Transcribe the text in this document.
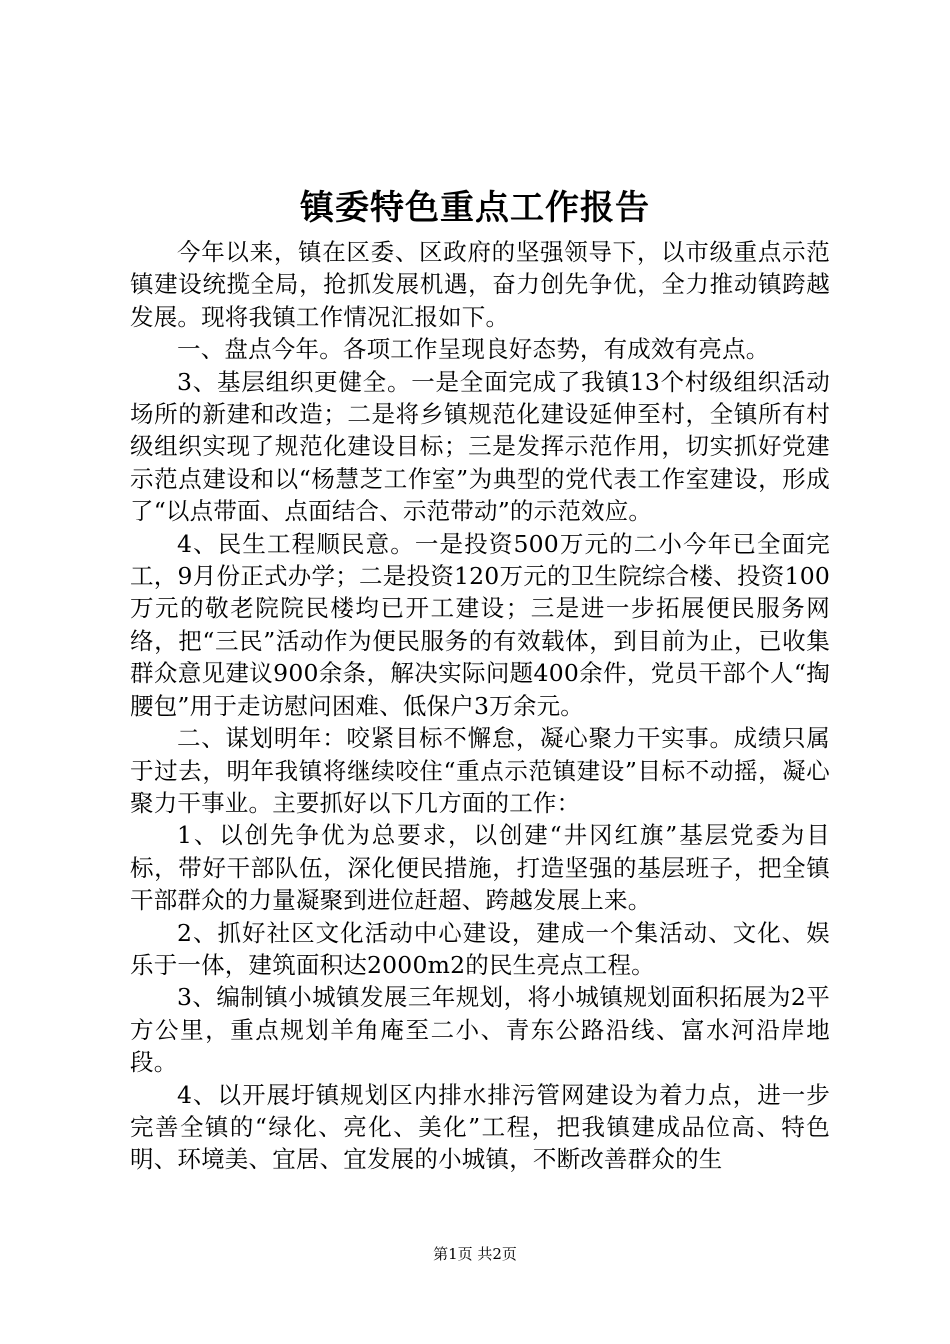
镇委特色重点工作报告

今年以来，镇在区委、区政府的坚强领导下，以市级重点示范镇建设统揽全局，抢抓发展机遇，奋力创先争优，全力推动镇跨越发展。现将我镇工作情况汇报如下。

一、盘点今年。各项工作呈现良好态势，有成效有亮点。

3、基层组织更健全。一是全面完成了我镇13个村级组织活动场所的新建和改造；二是将乡镇规范化建设延伸至村，全镇所有村级组织实现了规范化建设目标；三是发挥示范作用，切实抓好党建示范点建设和以“杨慧芝工作室”为典型的党代表工作室建设，形成了“以点带面、点面结合、示范带动”的示范效应。

4、民生工程顺民意。一是投资500万元的二小今年已全面完工，9月份正式办学；二是投资120万元的卫生院综合楼、投资100万元的敬老院院民楼均已开工建设；三是进一步拓展便民服务网络，把“三民”活动作为便民服务的有效载体，到目前为止，已收集群众意见建议900余条，解决实际问题400余件，党员干部个人“掏腰包”用于走访慰问困难、低保户3万余元。

二、谋划明年：咬紧目标不懈怠，凝心聚力干实事。成绩只属于过去，明年我镇将继续咬住“重点示范镇建设”目标不动摇，凝心聚力干事业。主要抓好以下几方面的工作：

1、以创先争优为总要求，以创建“井冈红旗”基层党委为目标，带好干部队伍，深化便民措施，打造坚强的基层班子，把全镇干部群众的力量凝聚到进位赶超、跨越发展上来。

2、抓好社区文化活动中心建设，建成一个集活动、文化、娱乐于一体，建筑面积达2000m2的民生亮点工程。

3、编制镇小城镇发展三年规划，将小城镇规划面积拓展为2平方公里，重点规划羊角庵至二小、青东公路沿线、富水河沿岸地段。

4、以开展圩镇规划区内排水排污管网建设为着力点，进一步完善全镇的“绿化、亮化、美化”工程，把我镇建成品位高、特色明、环境美、宜居、宜发展的小城镇，不断改善群众的生

第1页 共2页
